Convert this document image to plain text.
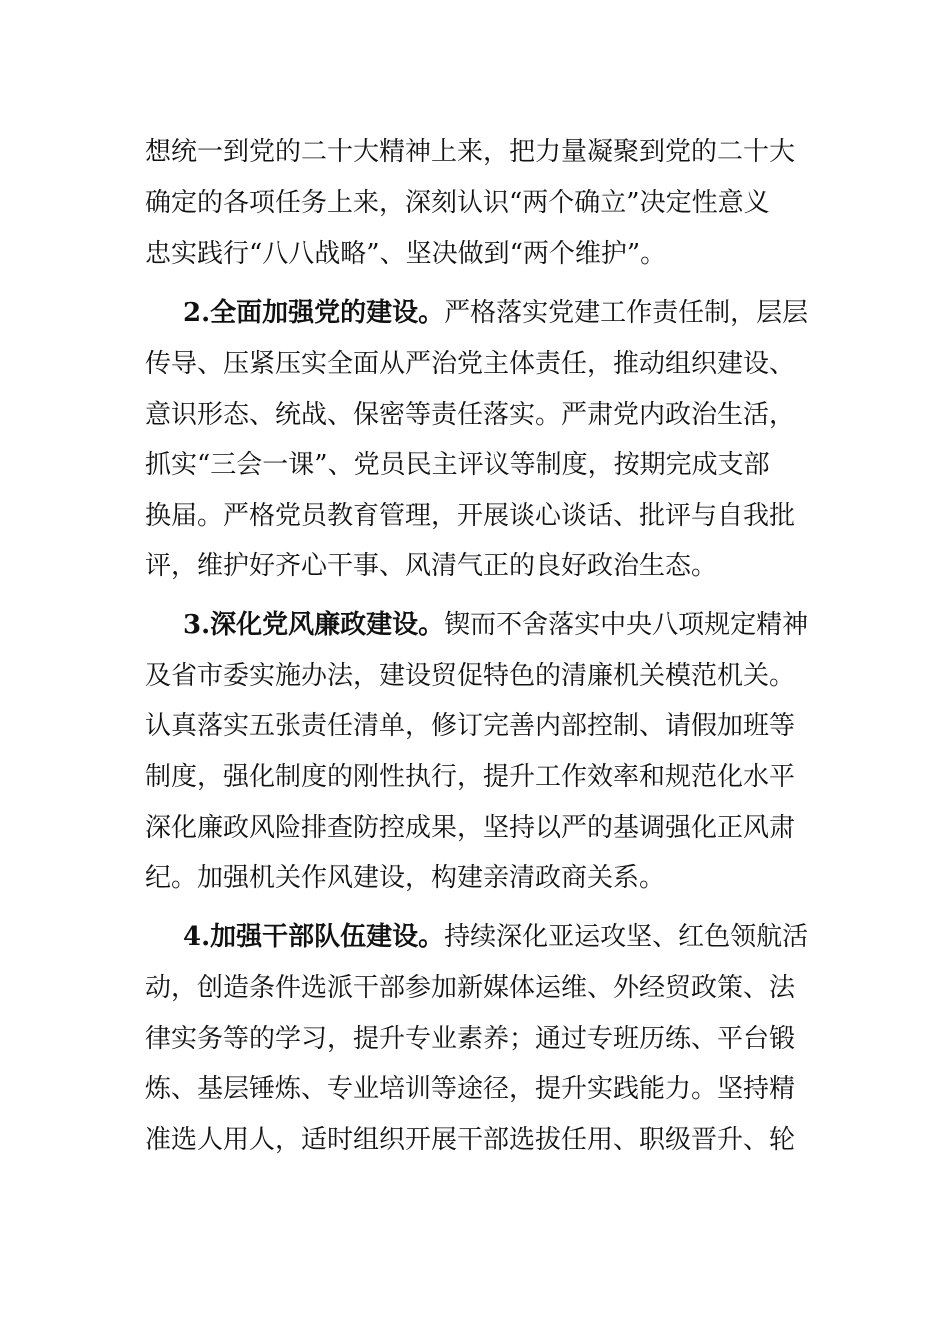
想统一到党的二十大精神上来，把力量凝聚到党的二十大
确定的各项任务上来，深刻认识“两个确立”决定性意义
忠实践行“八八战略”、坚决做到“两个维护”。
2.全面加强党的建设。严格落实党建工作责任制，层层
传导、压紧压实全面从严治党主体责任，推动组织建设、
意识形态、统战、保密等责任落实。严肃党内政治生活，
抓实“三会一课”、党员民主评议等制度，按期完成支部
换届。严格党员教育管理，开展谈心谈话、批评与自我批
评，维护好齐心干事、风清气正的良好政治生态。
3.深化党风廉政建设。锲而不舍落实中央八项规定精神
及省市委实施办法，建设贸促特色的清廉机关模范机关。
认真落实五张责任清单，修订完善内部控制、请假加班等
制度，强化制度的刚性执行，提升工作效率和规范化水平
深化廉政风险排查防控成果，坚持以严的基调强化正风肃
纪。加强机关作风建设，构建亲清政商关系。
4.加强干部队伍建设。持续深化亚运攻坚、红色领航活
动，创造条件选派干部参加新媒体运维、外经贸政策、法
律实务等的学习，提升专业素养；通过专班历练、平台锻
炼、基层锤炼、专业培训等途径，提升实践能力。坚持精
准选人用人，适时组织开展干部选拔任用、职级晋升、轮
